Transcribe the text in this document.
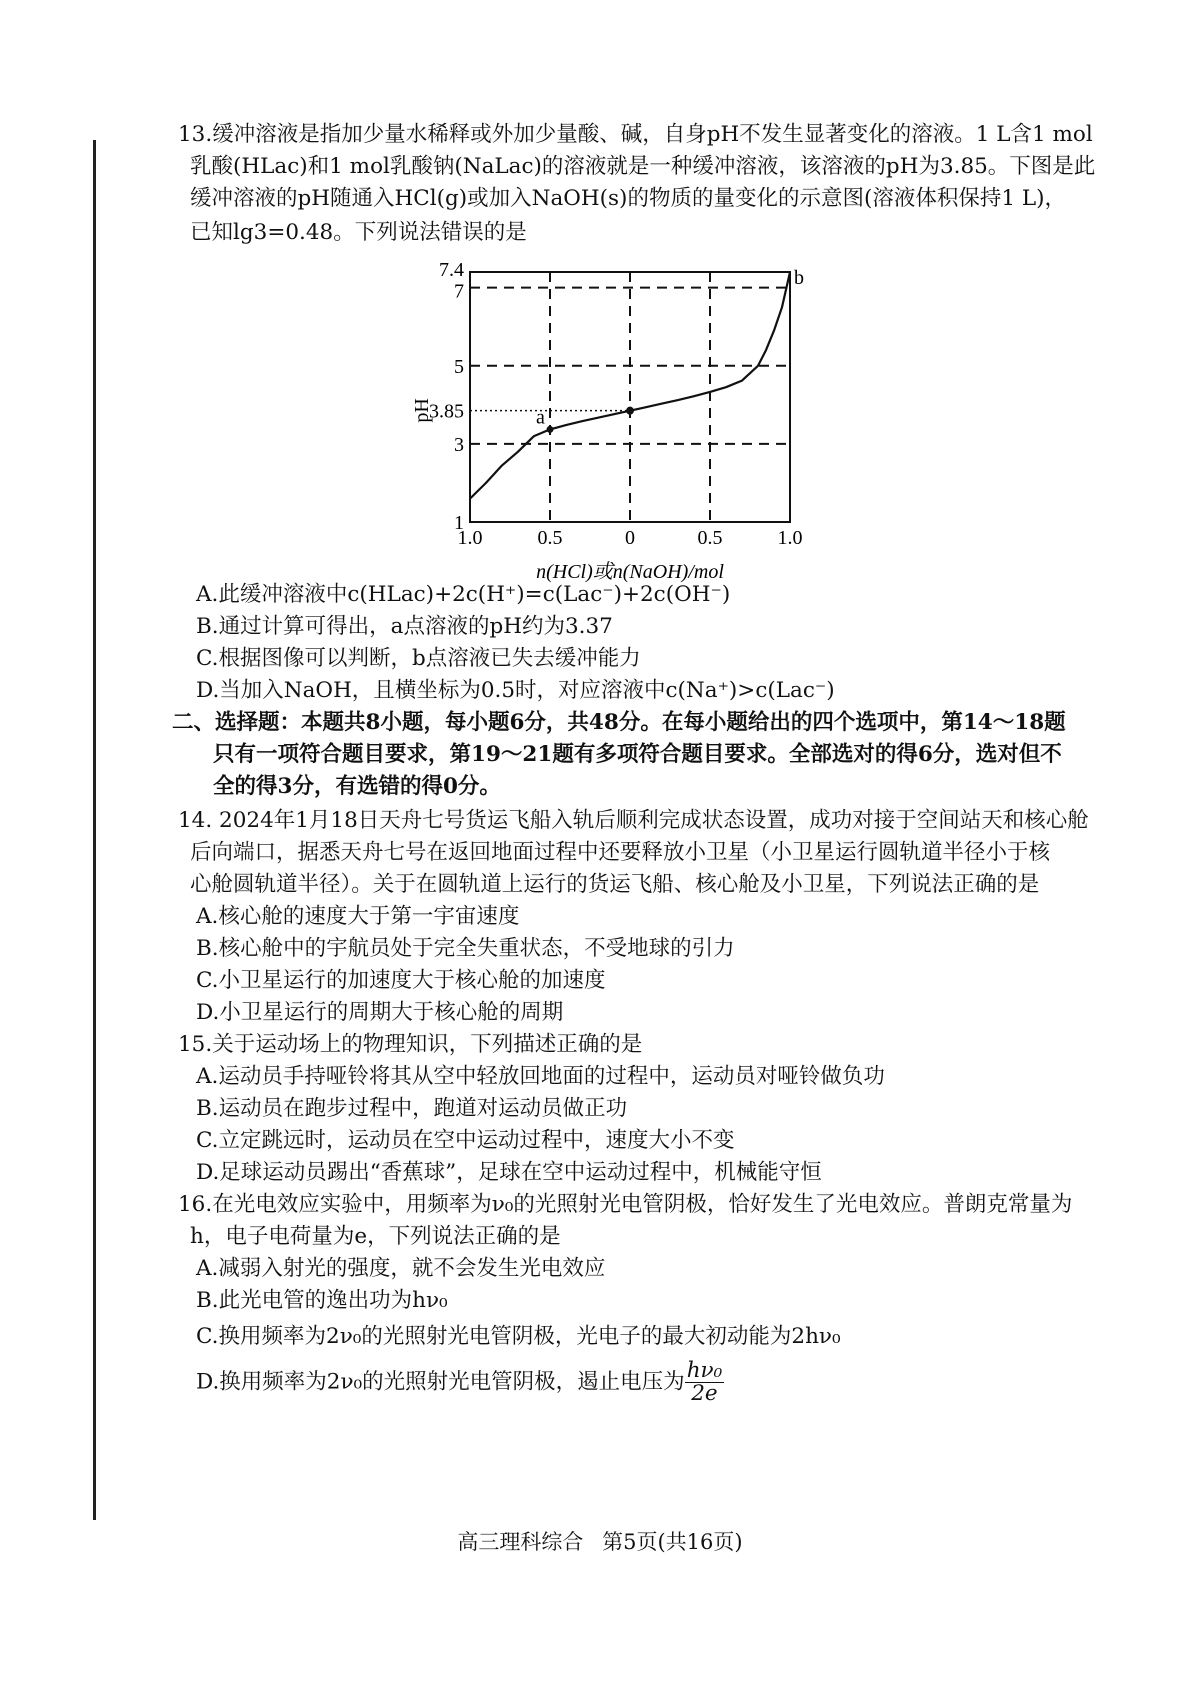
13.缓冲溶液是指加少量水稀释或外加少量酸、碱，自身pH不发生显著变化的溶液。1 L含1 mol
乳酸(HLac)和1 mol乳酸钠(NaLac)的溶液就是一种缓冲溶液，该溶液的pH为3.85。下图是此
缓冲溶液的pH随通入HCl(g)或加入NaOH(s)的物质的量变化的示意图(溶液体积保持1 L)，
已知lg3=0.48。下列说法错误的是
a
b
1
3
3.85
5
7
7.4
1.0	0.5	0	0.5	1.0
pH
n(HCl)或n(NaOH)/mol
A.此缓冲溶液中c(HLac)+2c(H⁺)=c(Lac⁻)+2c(OH⁻)
B.通过计算可得出，a点溶液的pH约为3.37
C.根据图像可以判断，b点溶液已失去缓冲能力
D.当加入NaOH，且横坐标为0.5时，对应溶液中c(Na⁺)>c(Lac⁻)
二、选择题：本题共8小题，每小题6分，共48分。在每小题给出的四个选项中，第14～18题
只有一项符合题目要求，第19～21题有多项符合题目要求。全部选对的得6分，选对但不
全的得3分，有选错的得0分。
14. 2024年1月18日天舟七号货运飞船入轨后顺利完成状态设置，成功对接于空间站天和核心舱
后向端口，据悉天舟七号在返回地面过程中还要释放小卫星（小卫星运行圆轨道半径小于核
心舱圆轨道半径）。关于在圆轨道上运行的货运飞船、核心舱及小卫星，下列说法正确的是
A.核心舱的速度大于第一宇宙速度
B.核心舱中的宇航员处于完全失重状态，不受地球的引力
C.小卫星运行的加速度大于核心舱的加速度
D.小卫星运行的周期大于核心舱的周期
15.关于运动场上的物理知识，下列描述正确的是
A.运动员手持哑铃将其从空中轻放回地面的过程中，运动员对哑铃做负功
B.运动员在跑步过程中，跑道对运动员做正功
C.立定跳远时，运动员在空中运动过程中，速度大小不变
D.足球运动员踢出“香蕉球”，足球在空中运动过程中，机械能守恒
16.在光电效应实验中，用频率为ν₀的光照射光电管阴极，恰好发生了光电效应。普朗克常量为
h，电子电荷量为e，下列说法正确的是
A.减弱入射光的强度，就不会发生光电效应
B.此光电管的逸出功为hν₀
C.换用频率为2ν₀的光照射光电管阴极，光电子的最大初动能为2hν₀
D.换用频率为2ν₀的光照射光电管阴极，遏止电压为 $\frac{\text{hν₀}}{2e}$
高三理科综合 第5页(共16页)
